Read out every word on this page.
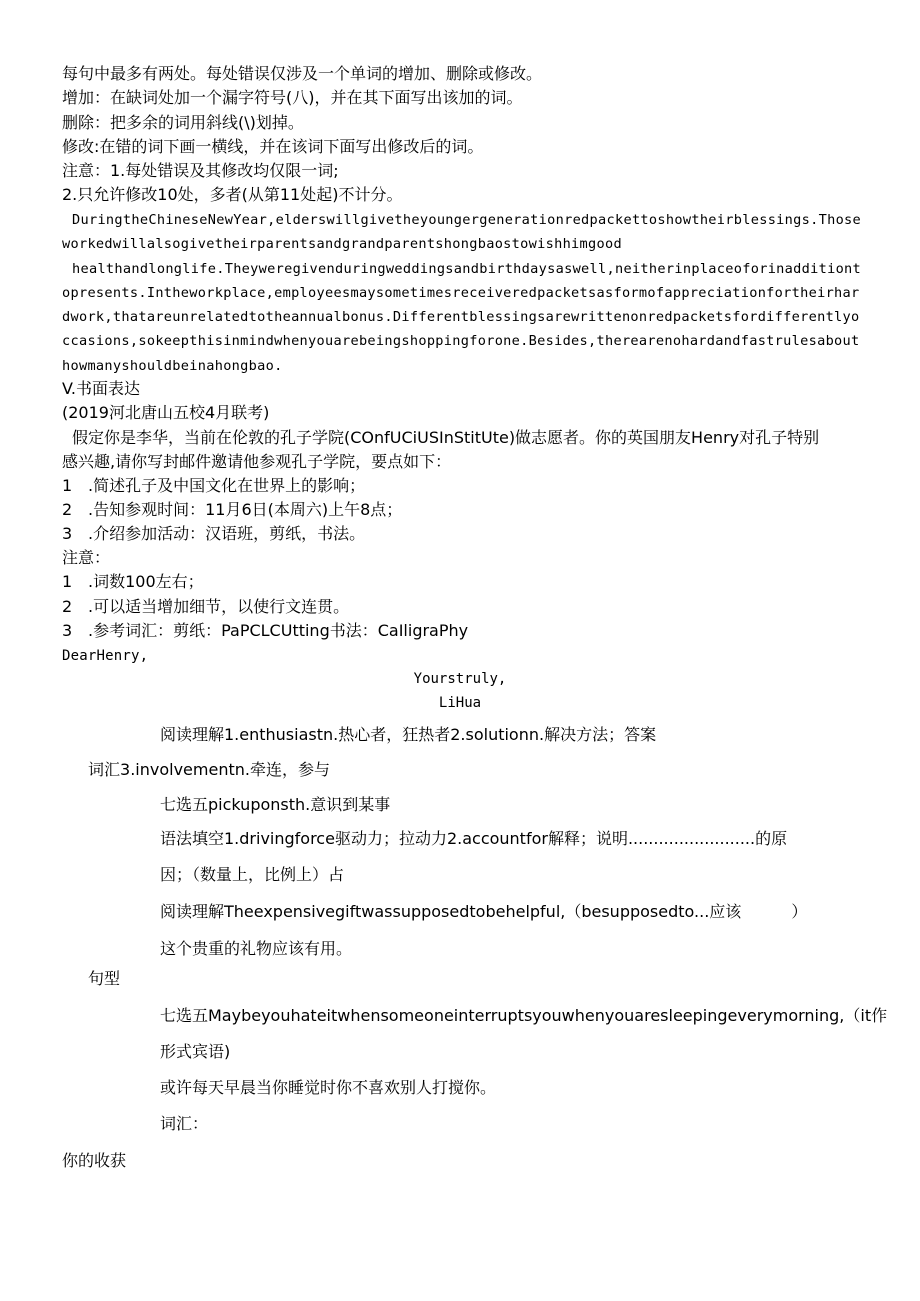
每句中最多有两处。每处错误仅涉及一个单词的增加、删除或修改。
增加：在缺词处加一个漏字符号(八)，并在其下面写出该加的词。
删除：把多余的词用斜线(\)划掉。
修改:在错的词下画一横线，并在该词下面写出修改后的词。
注意：1.每处错误及其修改均仅限一词;
2.只允许修改10处，多者(从第11处起)不计分。

DuringtheChineseNewYear,elderswillgivetheyoungergenerationredpackettoshowtheirblessings.Thoseworkedwillalsogivetheirparentsandgrandparentshongbaostowishhimgood

healthandlonglife.Theyweregivenduringweddingsandbirthdaysaswell,neitherinplaceoforinadditiontopresents.Intheworkplace,employeesmaysometimesreceiveredpacketsasformofappreciationfortheirhardwork,thatareunrelatedtotheannualbonus.Differentblessingsarewrittenonredpacketsfordifferentlyoccasions,sokeepthisinmindwhenyouarebeingshoppingforone.Besides,therearenohardandfastrulesabouthowmanyshouldbeinahongbao.

V.书面表达
(2019河北唐山五校4月联考)
假定你是李华，当前在伦敦的孔子学院(COnfUCiUSInStitUte)做志愿者。你的英国朋友Henry对孔子特别
感兴趣,请你写封邮件邀请他参观孔子学院，要点如下：
1 .简述孔子及中国文化在世界上的影响；
2 .告知参观时间：11月6日(本周六)上午8点；
3 .介绍参加活动：汉语班，剪纸，书法。
注意：
1 .词数100左右；
2 .可以适当增加细节，以使行文连贯。
3 .参考词汇：剪纸：PaPCLCUtting书法：CaIligraPhy
DearHenry,
Yourstruly,
LiHua
阅读理解1.enthusiastn.热心者，狂热者2.solutionn.解决方法；答案
词汇3.involvementn.牵连，参与
七选五pickuponsth.意识到某事
语法填空1.drivingforce驱动力；拉动力2.accountfor解释；说明.........................的原
因；（数量上，比例上）占
阅读理解Theexpensivegiftwassupposedtobehelpful,（besupposedto...应该	）
这个贵重的礼物应该有用。
句型
七选五Maybeyouhateitwhensomeoneinterruptsyouwhenyouaresleepingeverymorning,（it作
形式宾语)
或许每天早晨当你睡觉时你不喜欢别人打搅你。
词汇：
你的收获
